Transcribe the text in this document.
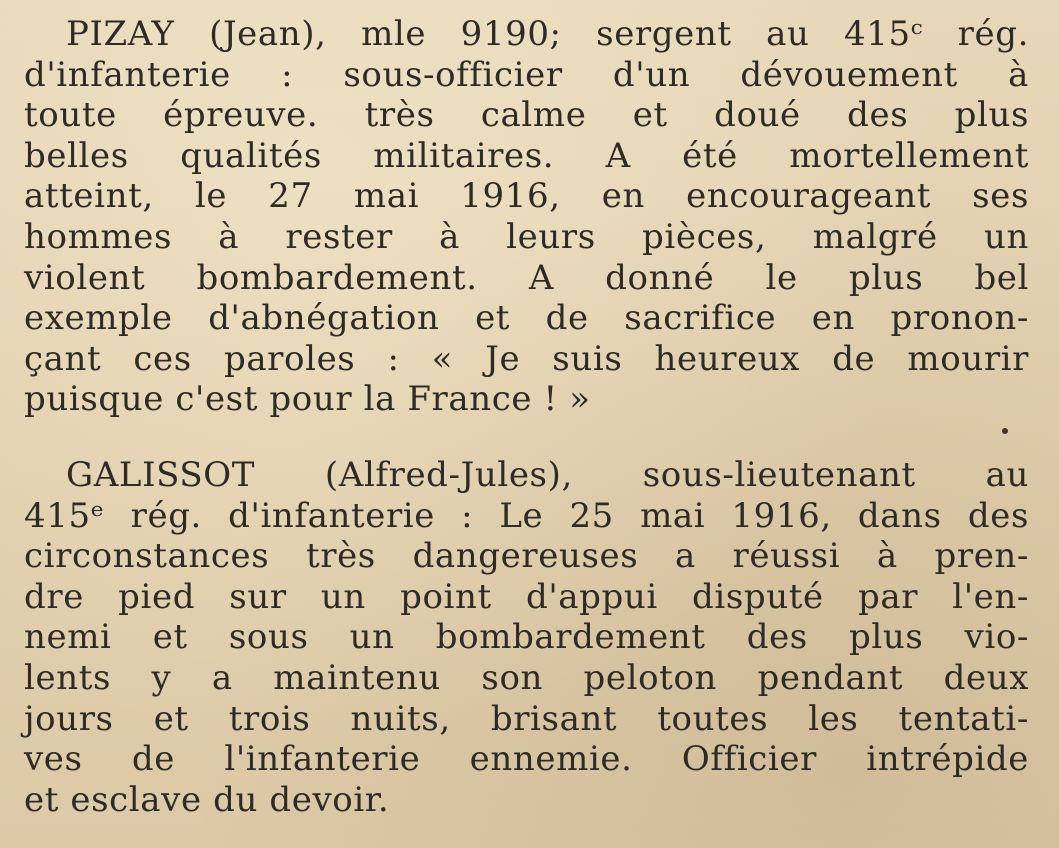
PIZAY (Jean), mle 9190; sergent au 415ᶜ rég.
d'infanterie : sous-officier d'un dévouement à
toute épreuve. très calme et doué des plus
belles qualités militaires. A été mortellement
atteint, le 27 mai 1916, en encourageant ses
hommes à rester à leurs pièces, malgré un
violent bombardement. A donné le plus bel
exemple d'abnégation et de sacrifice en pronon-
çant ces paroles : « Je suis heureux de mourir
puisque c'est pour la France ! »

GALISSOT (Alfred-Jules), sous-lieutenant au
415ᵉ rég. d'infanterie : Le 25 mai 1916, dans des
circonstances très dangereuses a réussi à pren-
dre pied sur un point d'appui disputé par l'en-
nemi et sous un bombardement des plus vio-
lents y a maintenu son peloton pendant deux
jours et trois nuits, brisant toutes les tentati-
ves de l'infanterie ennemie. Officier intrépide
et esclave du devoir.
